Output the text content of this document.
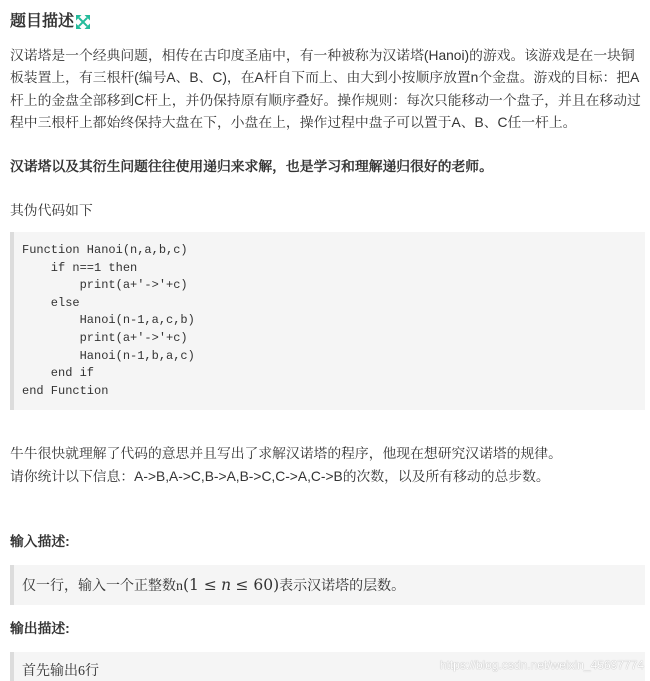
题目描述
汉诺塔是一个经典问题，相传在古印度圣庙中，有一种被称为汉诺塔(Hanoi)的游戏。该游戏是在一块铜板装置上，有三根杆(编号A、B、C)，在A杆自下而上、由大到小按顺序放置n个金盘。游戏的目标：把A杆上的金盘全部移到C杆上，并仍保持原有顺序叠好。操作规则：每次只能移动一个盘子，并且在移动过程中三根杆上都始终保持大盘在下，小盘在上，操作过程中盘子可以置于A、B、C任一杆上。
汉诺塔以及其衍生问题往往使用递归来求解，也是学习和理解递归很好的老师。
其伪代码如下
Function Hanoi(n,a,b,c)
if n==1 then
print(a+'->'+c)
else
Hanoi(n-1,a,c,b)
print(a+'->'+c)
Hanoi(n-1,b,a,c)
end if
end Function
牛牛很快就理解了代码的意思并且写出了求解汉诺塔的程序，他现在想研究汉诺塔的规律。
请你统计以下信息：A->B,A->C,B->A,B->C,C->A,C->B的次数，以及所有移动的总步数。
输入描述:
仅一行，输入一个正整数n(1 ≤ n ≤ 60)表示汉诺塔的层数。
输出描述:
首先输出6行	https://blog.csdn.net/weixin_45697774
